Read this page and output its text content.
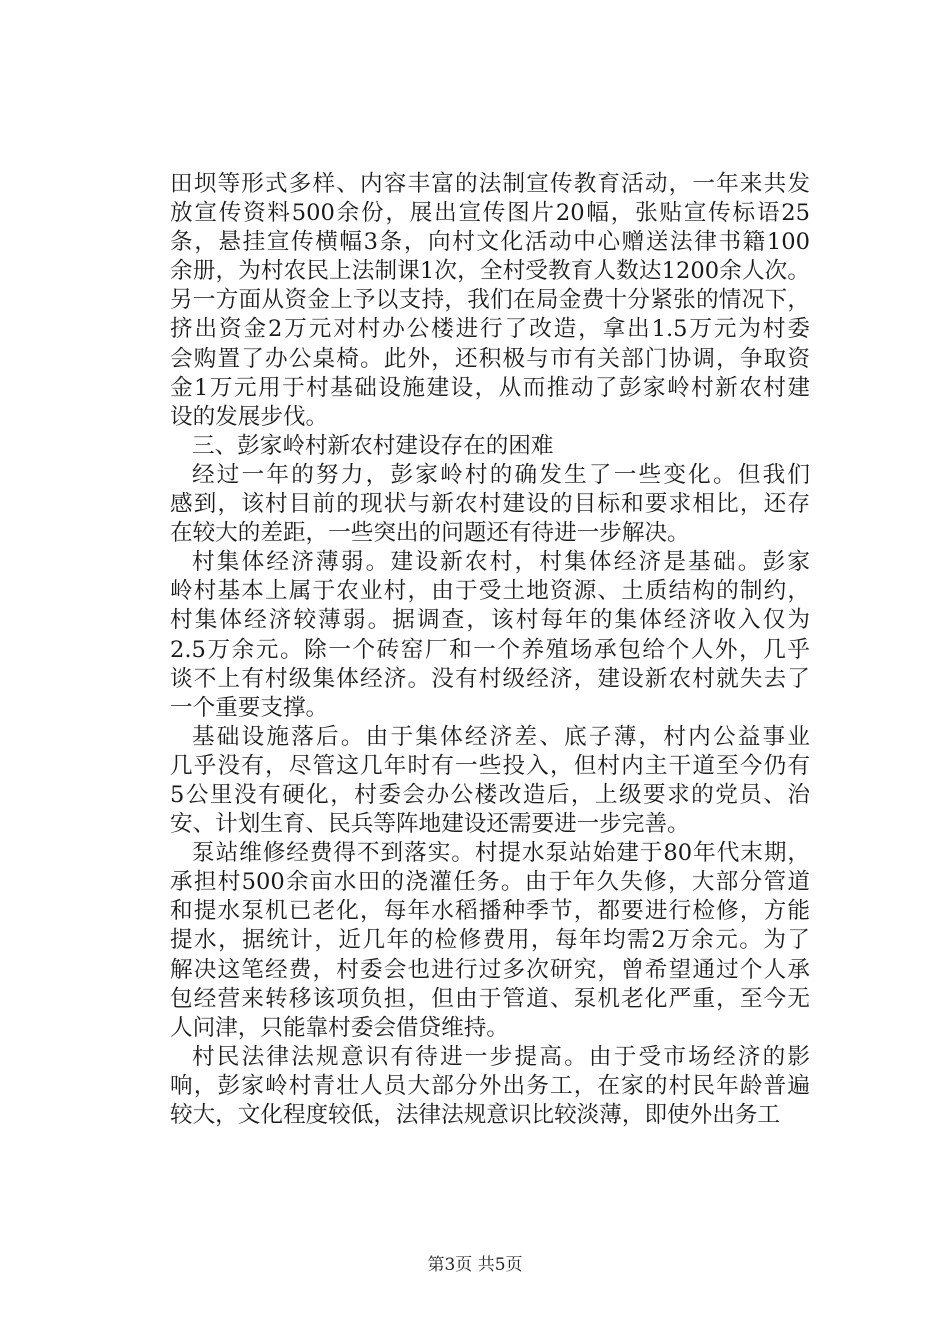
田坝等形式多样、内容丰富的法制宣传教育活动，一年来共发
放宣传资料500余份，展出宣传图片20幅，张贴宣传标语25
条，悬挂宣传横幅3条，向村文化活动中心赠送法律书籍100
余册，为村农民上法制课1次，全村受教育人数达1200余人次。
另一方面从资金上予以支持，我们在局金费十分紧张的情况下，
挤出资金2万元对村办公楼进行了改造，拿出1.5万元为村委
会购置了办公桌椅。此外，还积极与市有关部门协调，争取资
金1万元用于村基础设施建设，从而推动了彭家岭村新农村建
设的发展步伐。
三、彭家岭村新农村建设存在的困难
经过一年的努力，彭家岭村的确发生了一些变化。但我们
感到，该村目前的现状与新农村建设的目标和要求相比，还存
在较大的差距，一些突出的问题还有待进一步解决。
村集体经济薄弱。建设新农村，村集体经济是基础。彭家
岭村基本上属于农业村，由于受土地资源、土质结构的制约，
村集体经济较薄弱。据调查，该村每年的集体经济收入仅为
2.5万余元。除一个砖窑厂和一个养殖场承包给个人外，几乎
谈不上有村级集体经济。没有村级经济，建设新农村就失去了
一个重要支撑。
基础设施落后。由于集体经济差、底子薄，村内公益事业
几乎没有，尽管这几年时有一些投入，但村内主干道至今仍有
5公里没有硬化，村委会办公楼改造后，上级要求的党员、治
安、计划生育、民兵等阵地建设还需要进一步完善。
泵站维修经费得不到落实。村提水泵站始建于80年代末期，
承担村500余亩水田的浇灌任务。由于年久失修，大部分管道
和提水泵机已老化，每年水稻播种季节，都要进行检修，方能
提水，据统计，近几年的检修费用，每年均需2万余元。为了
解决这笔经费，村委会也进行过多次研究，曾希望通过个人承
包经营来转移该项负担，但由于管道、泵机老化严重，至今无
人问津，只能靠村委会借贷维持。
村民法律法规意识有待进一步提高。由于受市场经济的影
响，彭家岭村青壮人员大部分外出务工，在家的村民年龄普遍
较大，文化程度较低，法律法规意识比较淡薄，即使外出务工
第3页 共5页
